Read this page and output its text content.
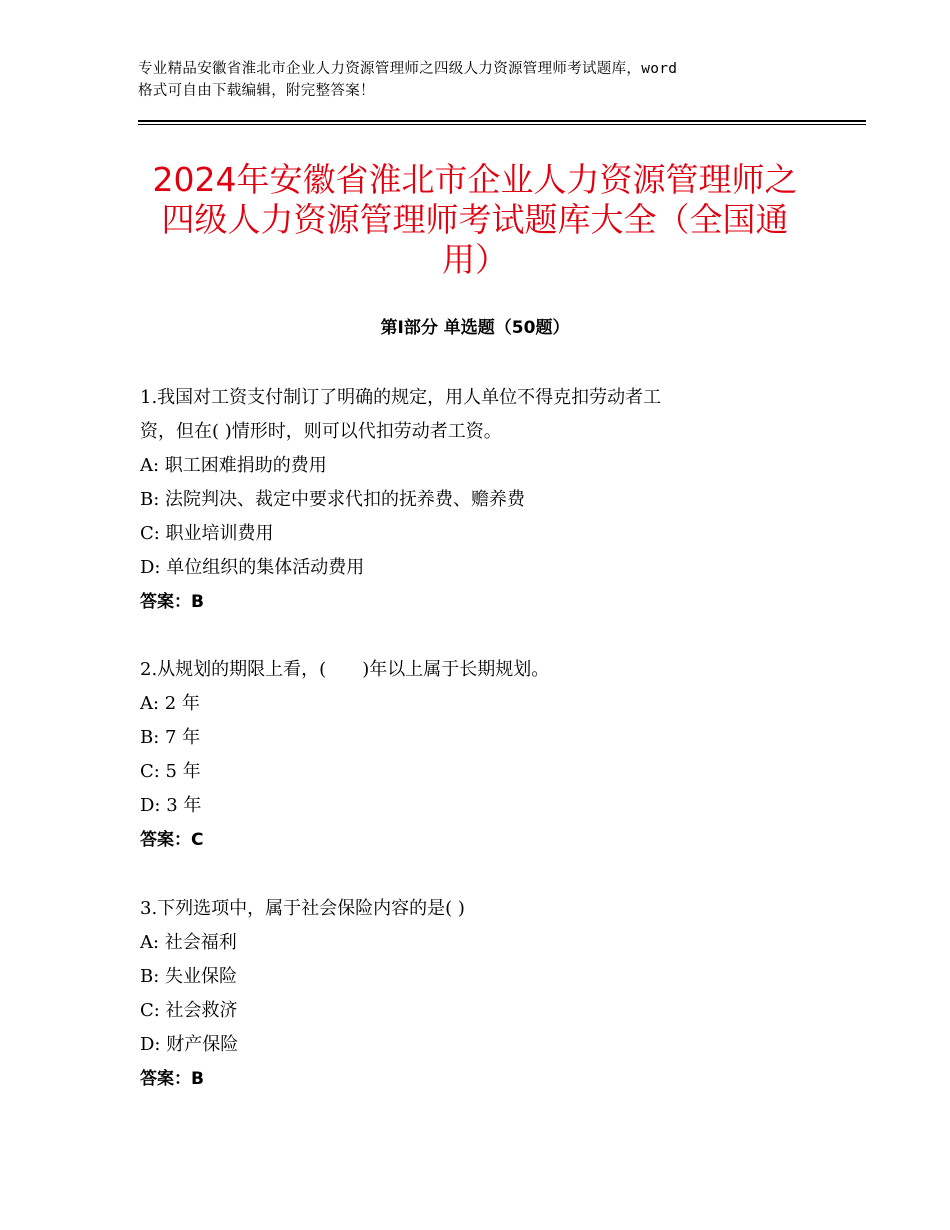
专业精品安徽省淮北市企业人力资源管理师之四级人力资源管理师考试题库，word
格式可自由下载编辑，附完整答案！
2024年安徽省淮北市企业人力资源管理师之
四级人力资源管理师考试题库大全（全国通
用）
第Ⅰ部分 单选题（50题）
1.我国对工资支付制订了明确的规定，用人单位不得克扣劳动者工
资，但在( )情形时，则可以代扣劳动者工资。
A: 职工困难捐助的费用
B: 法院判决、裁定中要求代扣的抚养费、赡养费
C: 职业培训费用
D: 单位组织的集体活动费用
答案：B
2.从规划的期限上看，(　　)年以上属于长期规划。
A: 2 年
B: 7 年
C: 5 年
D: 3 年
答案：C
3.下列选项中，属于社会保险内容的是( )
A: 社会福利
B: 失业保险
C: 社会救济
D: 财产保险
答案：B
